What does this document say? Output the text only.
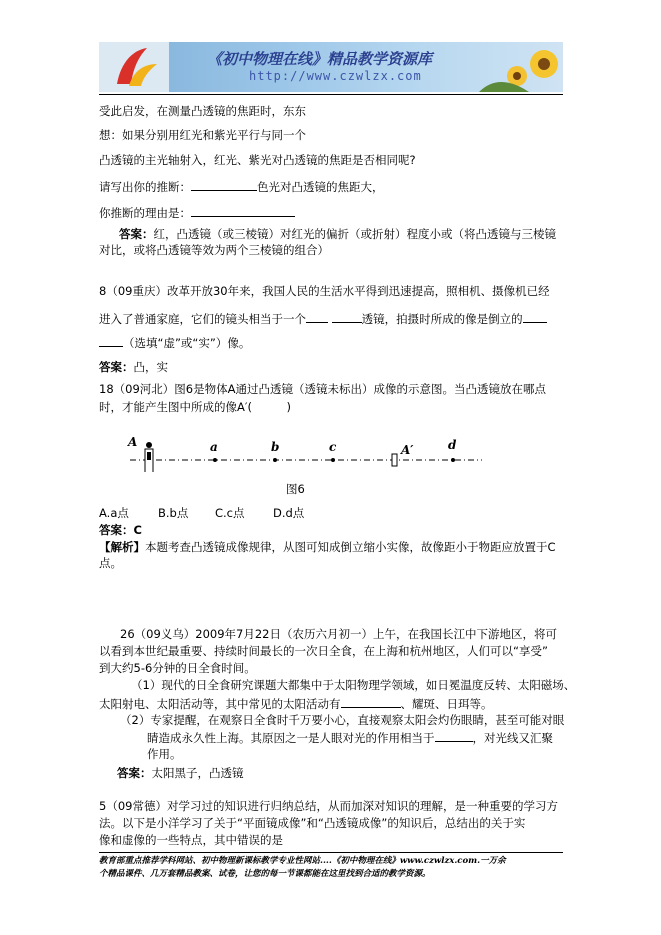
《初中物理在线》精品教学资源库
http://www.czwlzx.com
受此启发，在测量凸透镜的焦距时，东东
想：如果分别用红光和紫光平行与同一个
凸透镜的主光轴射入，红光、紫光对凸透镜的焦距是否相同呢?
请写出你的推断：	色光对凸透镜的焦距大，
你推断的理由是：
答案：红，凸透镜（或三棱镜）对红光的偏折（或折射）程度小或（将凸透镜与三棱镜对比，或将凸透镜等效为两个三棱镜的组合）
8（09重庆）改革开放30年来，我国人民的生活水平得到迅速提高，照相机、摄像机已经
进入了普通家庭，它们的镜头相当于一个	透镜，拍摄时所成的像是倒立的
（选填“虚”或“实”）像。
答案：凸，实
18（09河北）图6是物体A通过凸透镜（透镜未标出）成像的示意图。当凸透镜放在哪点
时，才能产生图中所成的像A′(　　　)
A	a	b	c	A′	d
图6
A.a点	B.b点 C.c点 D.d点
答案：C
【解析】本题考查凸透镜成像规律，从图可知成倒立缩小实像，故像距小于物距应放置于C点。
26（09义乌）2009年7月22日（农历六月初一）上午，在我国长江中下游地区，将可
以看到本世纪最重要、持续时间最长的一次日全食，在上海和杭州地区，人们可以“享受”
到大约5-6分钟的日全食时间。
（1）现代的日全食研究课题大都集中于太阳物理学领域，如日冕温度反转、太阳磁场、
太阳射电、太阳活动等，其中常见的太阳活动有	、耀斑、日珥等。
（2）专家提醒，在观察日全食时千万要小心，直接观察太阳会灼伤眼睛，甚至可能对眼
睛造成永久性上海。其原因之一是人眼对光的作用相当于	，对光线又汇聚
作用。
答案：太阳黑子，凸透镜
5（09常德）对学习过的知识进行归纳总结，从而加深对知识的理解，是一种重要的学习方
法。以下是小洋学习了关于“平面镜成像”和“凸透镜成像”的知识后，总结出的关于实
像和虚像的一些特点，其中错误的是
教育部重点推荐学科网站、初中物理新课标教学专业性网站....《初中物理在线》www.czwlzx.com.一万余
个精品课件、几万套精品教案、试卷，让您的每一节课都能在这里找到合适的教学资源。
